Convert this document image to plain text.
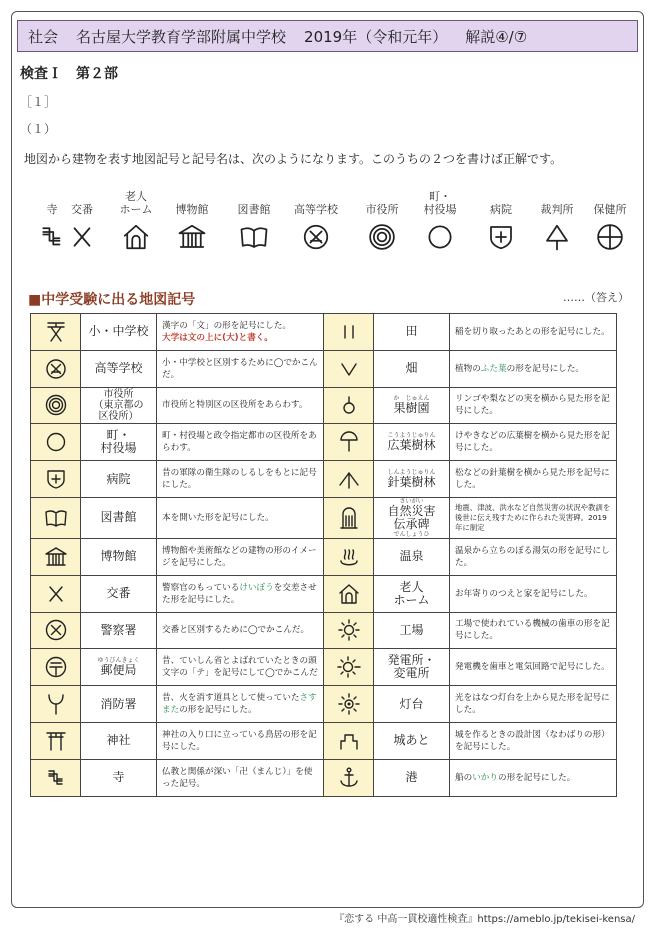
社会 名古屋大学教育学部附属中学校 2019年（令和元年） 解説④/⑦
検査Ｉ　第２部
［１］
（１）
地図から建物を表す地図記号と記号名は、次のようになります。このうちの２つを書けば正解です。
寺	交番
老人
ホーム	博物館	図書館	高等学校	市役所
町・
村役場	病院	裁判所	保健所
■中学受験に出る地図記号	……（答え）

小・中学校	漢字の「文」の形を記号にした。
大学は文の上に(大)と書く。		田	稲を切り取ったあとの形を記号にした。

高等学校	小・中学校と区別するために◯でかこんだ。		畑	植物のふた葉の形を記号にした。

市役所
（東京都の
区役所）	市役所と特別区の区役所をあらわす。		か　じゅえん
果樹園	リンゴや梨などの実を横から見た形を記号にした。

町・
村役場	町・村役場と政令指定都市の区役所をあらわす。		こうようじゅりん
広葉樹林	けやきなどの広葉樹を横から見た形を記号にした。

病院	昔の軍隊の衛生隊のしるしをもとに記号にした。		しんようじゅりん
針葉樹林	松などの針葉樹を横から見た形を記号にした。

図書館	本を開いた形を記号にした。		さいがい
自然災害
伝承碑
でんしょうひ	地震、津波、洪水など自然災害の状況や教訓を後世に伝え残すために作られた災害碑。2019年に制定

博物館	博物館や美術館などの建物の形のイメージを記号にした。		温泉	温泉から立ちのぼる湯気の形を記号にした。

交番	警察官のもっているけいぼうを交差させた形を記号にした。		老人
ホーム	お年寄りのつえと家を記号にした。

警察署	交番と区別するために◯でかこんだ。		工場	工場で使われている機械の歯車の形を記号にした。

ゆうびんきょく
郵便局	昔、ていしん省とよばれていたときの頭文字の「テ」を記号にして◯でかこんだ		発電所・
変電所	発電機を歯車と電気回路で記号にした。

消防署	昔、火を消す道具として使っていたさすまたの形を記号にした。		灯台	光をはなつ灯台を上から見た形を記号にした。

神社	神社の入り口に立っている鳥居の形を記号にした。		城あと	城を作るときの設計図（なわばりの形）を記号にした。

寺	仏教と関係が深い「卍（まんじ）」を使った記号。		港	船のいかりの形を記号にした。
『恋する 中高一貫校適性検査』https://ameblo.jp/tekisei-kensa/
